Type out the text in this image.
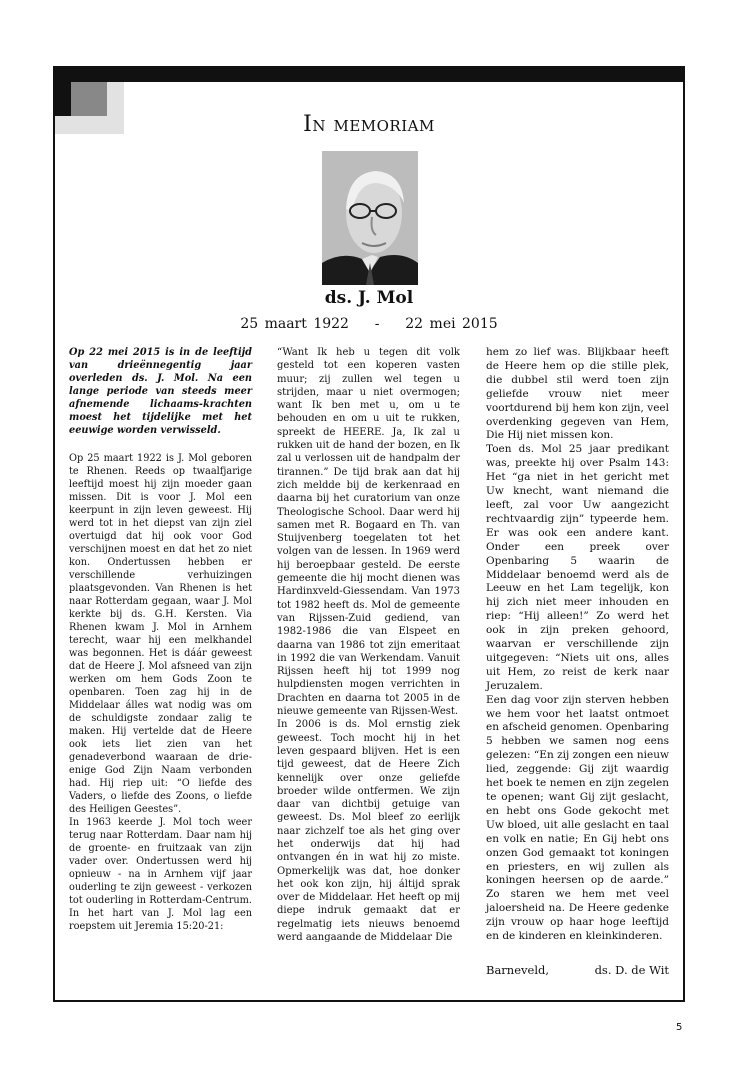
In memoriam
ds. J. Mol
25 maart 1922    -    22 mei 2015

Op 22 mei 2015 is in de leeftijd van drieënnegentig jaar overleden ds. J. Mol. Na een lange periode van steeds meer afnemende lichaams-krachten moest het tijdelijke met het eeuwige worden verwisseld.

Op 25 maart 1922 is J. Mol geboren te Rhenen. Reeds op twaalfjarige leeftijd moest hij zijn moeder gaan missen. Dit is voor J. Mol een keerpunt in zijn leven geweest. Hij werd tot in het diepst van zijn ziel overtuigd dat hij ook voor God verschijnen moest en dat het zo niet kon. Ondertussen hebben er verschillende verhuizingen plaatsgevonden. Van Rhenen is het naar Rotterdam gegaan, waar J. Mol kerkte bij ds. G.H. Kersten. Via Rhenen kwam J. Mol in Arnhem terecht, waar hij een melkhandel was begonnen. Het is dáár geweest dat de Heere J. Mol afsneed van zijn werken om hem Gods Zoon te openbaren. Toen zag hij in de Middelaar álles wat nodig was om de schuldigste zondaar zalig te maken. Hij vertelde dat de Heere ook iets liet zien van het genadeverbond waaraan de drie-enige God Zijn Naam verbonden had. Hij riep uit: “O liefde des Vaders, o liefde des Zoons, o liefde des Heiligen Geestes”.

In 1963 keerde J. Mol toch weer terug naar Rotterdam. Daar nam hij de groente- en fruitzaak van zijn vader over. Ondertussen werd hij opnieuw - na in Arnhem vijf jaar ouderling te zijn geweest - verkozen tot ouderling in Rotterdam-Centrum. In het hart van J. Mol lag een roepstem uit Jeremia 15:20-21:

“Want Ik heb u tegen dit volk gesteld tot een koperen vasten muur; zij zullen wel tegen u strijden, maar u niet overmogen; want Ik ben met u, om u te behouden en om u uit te rukken, spreekt de HEERE. Ja, Ik zal u rukken uit de hand der bozen, en Ik zal u verlossen uit de handpalm der tirannen.” De tijd brak aan dat hij zich meldde bij de kerkenraad en daarna bij het curatorium van onze Theologische School. Daar werd hij samen met R. Bogaard en Th. van Stuijvenberg toegelaten tot het volgen van de lessen. In 1969 werd hij beroepbaar gesteld. De eerste gemeente die hij mocht dienen was Hardinxveld-Giessendam. Van 1973 tot 1982 heeft ds. Mol de gemeente van Rijssen-Zuid gediend, van 1982-1986 die van Elspeet en daarna van 1986 tot zijn emeritaat in 1992 die van Werkendam. Vanuit Rijssen heeft hij tot 1999 nog hulpdiensten mogen verrichten in Drachten en daarna tot 2005 in de nieuwe gemeente van Rijssen-West.

In 2006 is ds. Mol ernstig ziek geweest. Toch mocht hij in het leven gespaard blijven. Het is een tijd geweest, dat de Heere Zich kennelijk over onze geliefde broeder wilde ontfermen. We zijn daar van dichtbij getuige van geweest. Ds. Mol bleef zo eerlijk naar zichzelf toe als het ging over het onderwijs dat hij had ontvangen én in wat hij zo miste. Opmerkelijk was dat, hoe donker het ook kon zijn, hij áltijd sprak over de Middelaar. Het heeft op mij diepe indruk gemaakt dat er regelmatig iets nieuws benoemd werd aangaande de Middelaar Die

hem zo lief was. Blijkbaar heeft de Heere hem op die stille plek, die dubbel stil werd toen zijn geliefde vrouw niet meer voortdurend bij hem kon zijn, veel overdenking gegeven van Hem, Die Hij niet missen kon.

Toen ds. Mol 25 jaar predikant was, preekte hij over Psalm 143: Het “ga niet in het gericht met Uw knecht, want niemand die leeft, zal voor Uw aangezicht rechtvaardig zijn” typeerde hem. Er was ook een andere kant. Onder een preek over Openbaring 5 waarin de Middelaar benoemd werd als de Leeuw en het Lam tegelijk, kon hij zich niet meer inhouden en riep: “Hij alleen!” Zo werd het ook in zijn preken gehoord, waarvan er verschillende zijn uitgegeven: “Niets uit ons, alles uit Hem, zo reist de kerk naar Jeruzalem.

Een dag voor zijn sterven hebben we hem voor het laatst ontmoet en afscheid genomen. Openbaring 5 hebben we samen nog eens gelezen: “En zij zongen een nieuw lied, zeggende: Gij zijt waardig het boek te nemen en zijn zegelen te openen; want Gij zijt geslacht, en hebt ons Gode gekocht met Uw bloed, uit alle geslacht en taal en volk en natie; En Gij hebt ons onzen God gemaakt tot koningen en priesters, en wij zullen als koningen heersen op de aarde.” Zo staren we hem met veel jaloersheid na. De Heere gedenke zijn vrouw op haar hoge leeftijd en de kinderen en kleinkinderen.

Barneveld,	ds. D. de Wit
5
